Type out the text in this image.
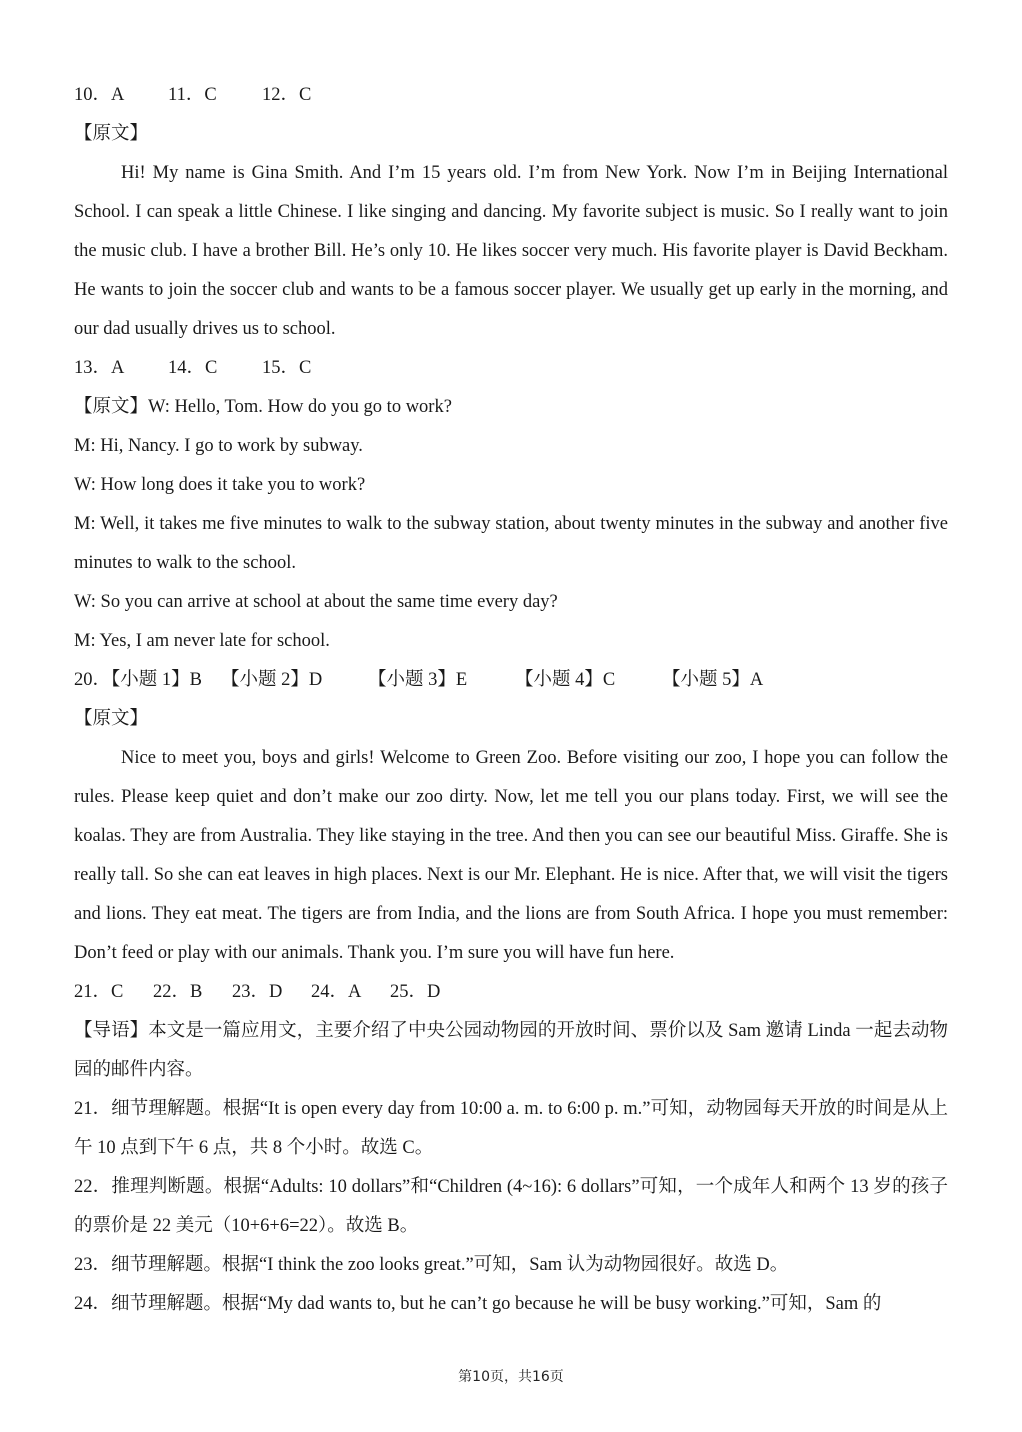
10．A 11．C 12．C
【原文】
Hi! My name is Gina Smith. And I’m 15 years old. I’m from New York. Now I’m in Beijing International School. I can speak a little Chinese. I like singing and dancing. My favorite subject is music. So I really want to join the music club. I have a brother Bill. He’s only 10. He likes soccer very much. His favorite player is David Beckham. He wants to join the soccer club and wants to be a famous soccer player. We usually get up early in the morning, and our dad usually drives us to school.
13．A 14．C 15．C
【原文】W: Hello, Tom. How do you go to work?
M: Hi, Nancy. I go to work by subway.
W: How long does it take you to work?
M: Well, it takes me five minutes to walk to the subway station, about twenty minutes in the subway and another five minutes to walk to the school.
W: So you can arrive at school at about the same time every day?
M: Yes, I am never late for school.
20．【小题 1】B 【小题 2】D 【小题 3】E	【小题 4】C	【小题 5】A
【原文】
Nice to meet you, boys and girls! Welcome to Green Zoo. Before visiting our zoo, I hope you can follow the rules. Please keep quiet and don’t make our zoo dirty. Now, let me tell you our plans today. First, we will see the koalas. They are from Australia. They like staying in the tree. And then you can see our beautiful Miss. Giraffe. She is really tall. So she can eat leaves in high places. Next is our Mr. Elephant. He is nice. After that, we will visit the tigers and lions. They eat meat. The tigers are from India, and the lions are from South Africa. I hope you must remember: Don’t feed or play with our animals. Thank you. I’m sure you will have fun here.
21．C 22．B 23．D 24．A 25．D
【导语】本文是一篇应用文，主要介绍了中央公园动物园的开放时间、票价以及 Sam 邀请 Linda 一起去动物园的邮件内容。
21．细节理解题。根据“It is open every day from 10:00 a. m. to 6:00 p. m.”可知，动物园每天开放的时间是从上午 10 点到下午 6 点，共 8 个小时。故选 C。
22．推理判断题。根据“Adults: 10 dollars”和“Children (4~16): 6 dollars”可知，一个成年人和两个 13 岁的孩子的票价是 22 美元（10+6+6=22）。故选 B。
23．细节理解题。根据“I think the zoo looks great.”可知，Sam 认为动物园很好。故选 D。
24．细节理解题。根据“My dad wants to, but he can’t go because he will be busy working.”可知，Sam 的
第10页，共16页
